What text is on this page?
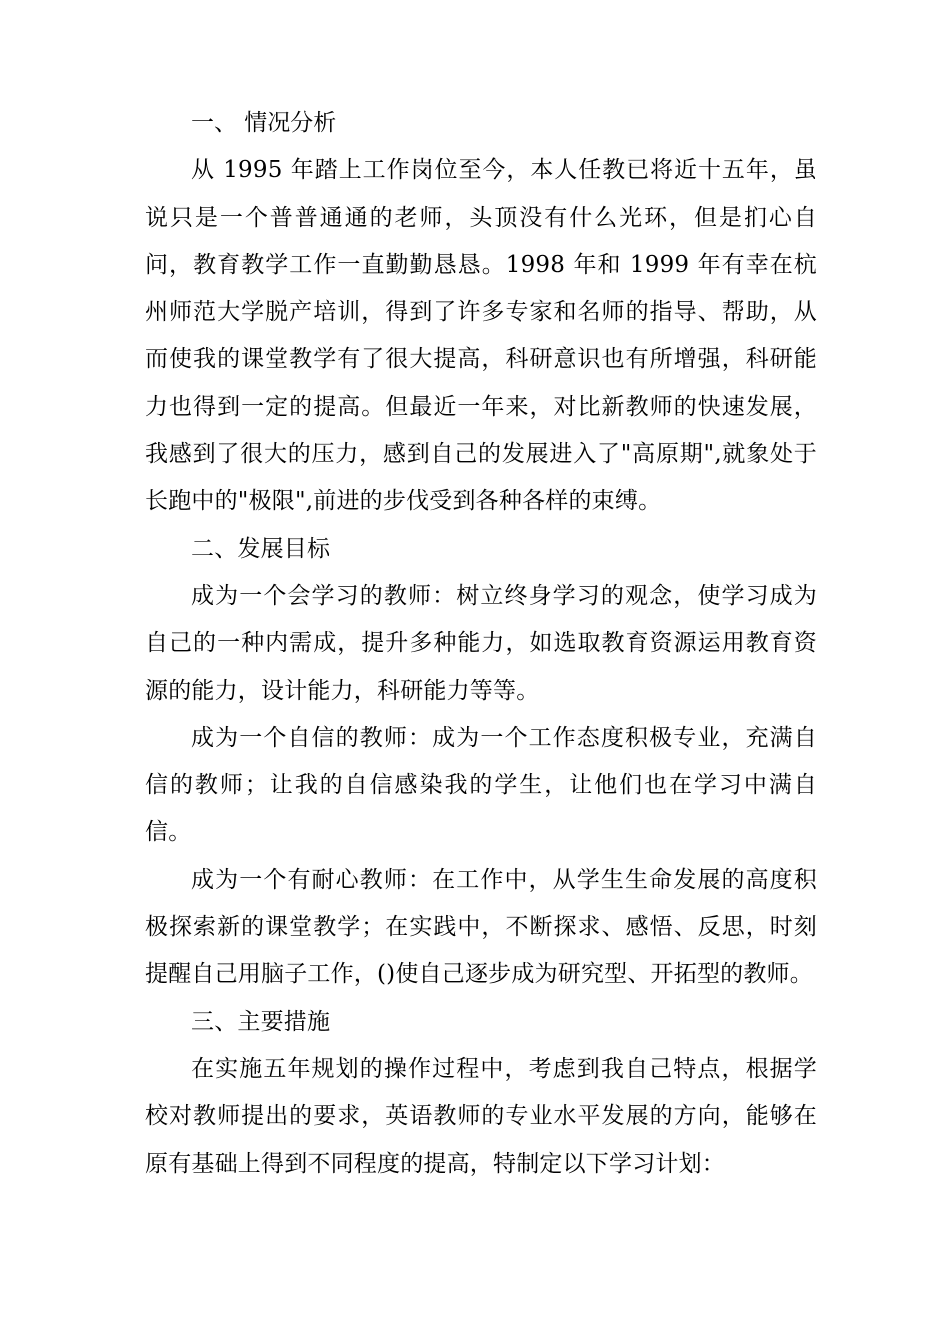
一、 情况分析

从 1995 年踏上工作岗位至今，本人任教已将近十五年，虽说只是一个普普通通的老师，头顶没有什么光环，但是扪心自问，教育教学工作一直勤勤恳恳。1998 年和 1999 年有幸在杭州师范大学脱产培训，得到了许多专家和名师的指导、帮助，从而使我的课堂教学有了很大提高，科研意识也有所增强，科研能力也得到一定的提高。但最近一年来，对比新教师的快速发展，我感到了很大的压力，感到自己的发展进入了"高原期",就象处于长跑中的"极限",前进的步伐受到各种各样的束缚。

二、发展目标

成为一个会学习的教师：树立终身学习的观念，使学习成为自己的一种内需成，提升多种能力，如选取教育资源运用教育资源的能力，设计能力，科研能力等等。

成为一个自信的教师：成为一个工作态度积极专业，充满自信的教师；让我的自信感染我的学生，让他们也在学习中满自信。

成为一个有耐心教师：在工作中，从学生生命发展的高度积极探索新的课堂教学；在实践中，不断探求、感悟、反思，时刻提醒自己用脑子工作，()使自己逐步成为研究型、开拓型的教师。

三、主要措施

在实施五年规划的操作过程中，考虑到我自己特点，根据学校对教师提出的要求，英语教师的专业水平发展的方向，能够在原有基础上得到不同程度的提高，特制定以下学习计划：
